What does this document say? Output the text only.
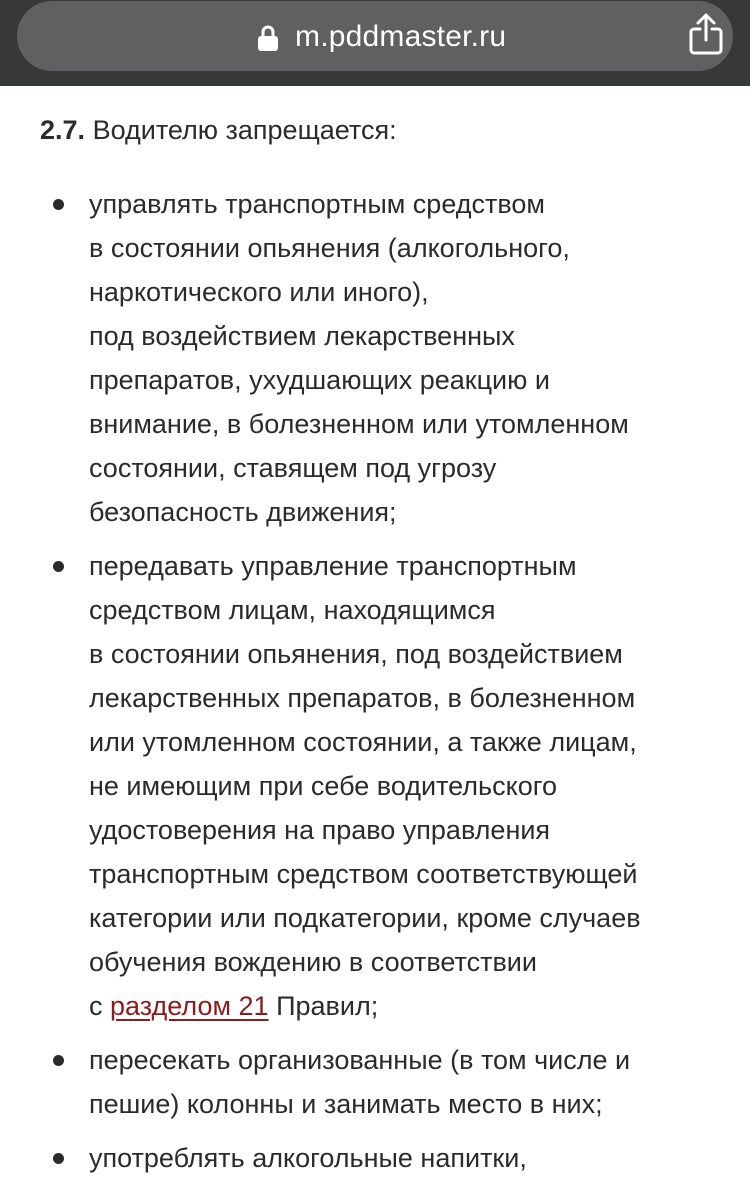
m.pddmaster.ru
2.7. Водителю запрещается:
управлять транспортным средством
в состоянии опьянения (алкогольного,
наркотического или иного),
под воздействием лекарственных
препаратов, ухудшающих реакцию и
внимание, в болезненном или утомленном
состоянии, ставящем под угрозу
безопасность движения;
передавать управление транспортным
средством лицам, находящимся
в состоянии опьянения, под воздействием
лекарственных препаратов, в болезненном
или утомленном состоянии, а также лицам,
не имеющим при себе водительского
удостоверения на право управления
транспортным средством соответствующей
категории или подкатегории, кроме случаев
обучения вождению в соответствии
с разделом 21 Правил;
пересекать организованные (в том числе и
пешие) колонны и занимать место в них;
употреблять алкогольные напитки,
